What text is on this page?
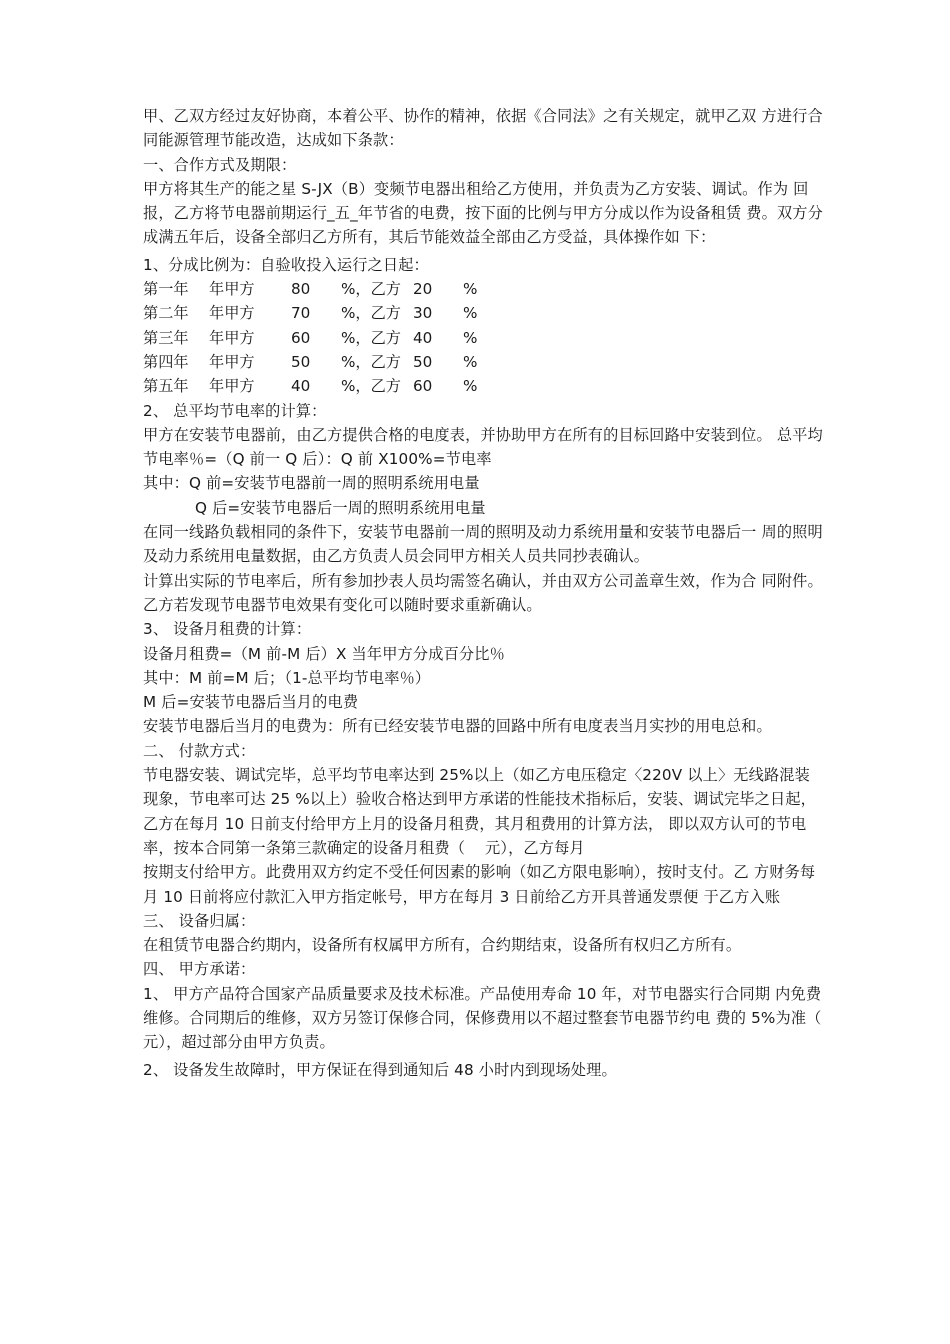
甲、乙双方经过友好协商，本着公平、协作的精神，依据《合同法》之有关规定，就甲乙双 方进行合同能源管理节能改造，达成如下条款：

一、合作方式及期限：

甲方将其生产的能之星 S-JX（B）变频节电器出租给乙方使用，并负责为乙方安装、调试。作为 回报，乙方将节电器前期运行_五_年节省的电费，按下面的比例与甲方分成以作为设备租赁 费。双方分成满五年后，设备全部归乙方所有，其后节能效益全部由乙方受益，具体操作如 下：

1、分成比例为：自验收投入运行之日起：

第一年	年甲方	80	%，乙方	20	%
第二年	年甲方	70	%，乙方	30	%
第三年	年甲方	60	%，乙方	40	%
第四年	年甲方	50	%，乙方	50	%
第五年	年甲方	40	%，乙方	60	%

2、 总平均节电率的计算：

甲方在安装节电器前，由乙方提供合格的电度表，并协助甲方在所有的目标回路中安装到位。 总平均节电率％=（Q 前一 Q 后）：Q 前 X100%=节电率

其中：Q 前=安装节电器前一周的照明系统用电量

Q 后=安装节电器后一周的照明系统用电量

在同一线路负载相同的条件下，安装节电器前一周的照明及动力系统用量和安装节电器后一 周的照明及动力系统用电量数据，由乙方负责人员会同甲方相关人员共同抄表确认。

计算出实际的节电率后，所有参加抄表人员均需签名确认，并由双方公司盖章生效，作为合 同附件。乙方若发现节电器节电效果有变化可以随时要求重新确认。

3、 设备月租费的计算：

设备月租费=（M 前-M 后）X 当年甲方分成百分比％

其中：M 前=M 后；（1-总平均节电率％）

M 后=安装节电器后当月的电费

安装节电器后当月的电费为：所有已经安装节电器的回路中所有电度表当月实抄的用电总和。

二、 付款方式：

节电器安装、调试完毕，总平均节电率达到 25%以上（如乙方电压稳定〈220V 以上〉无线路混装现象，节电率可达 25 %以上）验收合格达到甲方承诺的性能技术指标后，安装、调试完毕之日起，乙方在每月 10 日前支付给甲方上月的设备月租费，其月租费用的计算方法， 即以双方认可的节电率，按本合同第一条第三款确定的设备月租费（    元），乙方每月

按期支付给甲方。此费用双方约定不受任何因素的影响（如乙方限电影响），按时支付。乙 方财务每月 10 日前将应付款汇入甲方指定帐号，甲方在每月 3 日前给乙方开具普通发票便 于乙方入账

三、 设备归属：

在租赁节电器合约期内，设备所有权属甲方所有，合约期结束，设备所有权归乙方所有。

四、 甲方承诺：

1、 甲方产品符合国家产品质量要求及技术标准。产品使用寿命 10 年，对节电器实行合同期 内免费维修。合同期后的维修，双方另签订保修合同，保修费用以不超过整套节电器节约电 费的 5%为准（  元），超过部分由甲方负责。

2、 设备发生故障时，甲方保证在得到通知后 48 小时内到现场处理。
